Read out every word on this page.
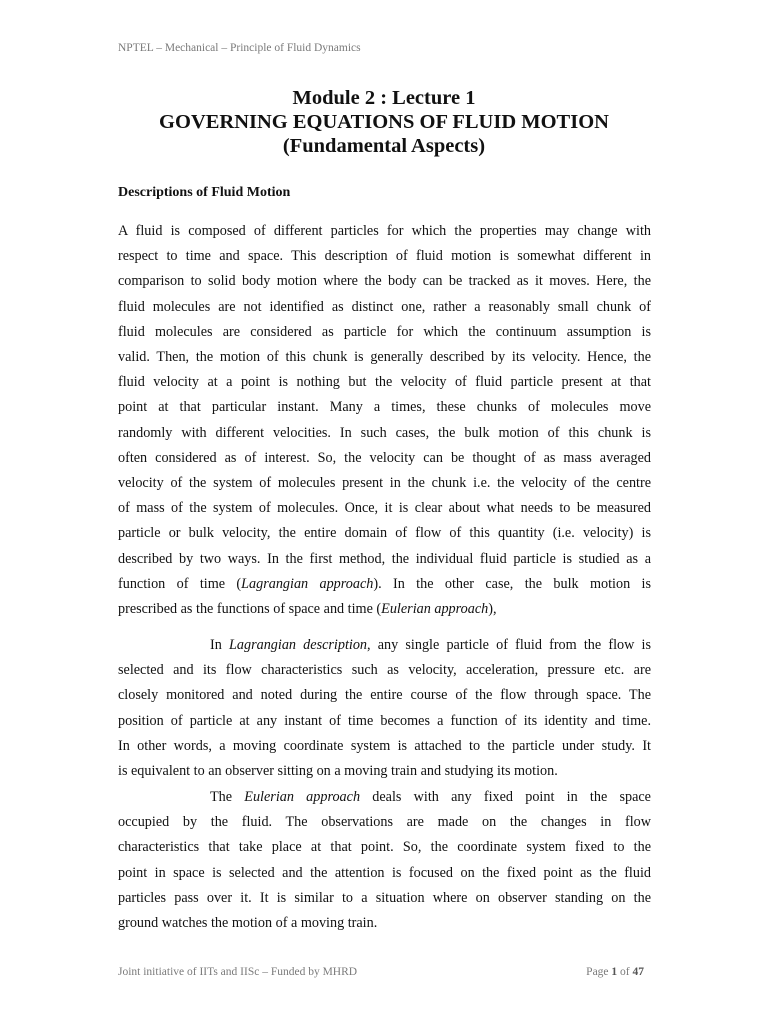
NPTEL – Mechanical – Principle of Fluid Dynamics
Module 2 : Lecture 1
GOVERNING EQUATIONS OF FLUID MOTION
(Fundamental Aspects)
Descriptions of Fluid Motion
A fluid is composed of different particles for which the properties may change with
respect to time and space. This description of fluid motion is somewhat different in
comparison to solid body motion where the body can be tracked as it moves. Here, the
fluid molecules are not identified as distinct one, rather a reasonably small chunk of
fluid molecules are considered as particle for which the continuum assumption is
valid. Then, the motion of this chunk is generally described by its velocity. Hence, the
fluid velocity at a point is nothing but the velocity of fluid particle present at that
point at that particular instant. Many a times, these chunks of molecules move
randomly with different velocities. In such cases, the bulk motion of this chunk is
often considered as of interest. So, the velocity can be thought of as mass averaged
velocity of the system of molecules present in the chunk i.e. the velocity of the centre
of mass of the system of molecules. Once, it is clear about what needs to be measured
particle or bulk velocity, the entire domain of flow of this quantity (i.e. velocity) is
described by two ways. In the first method, the individual fluid particle is studied as a
function of time (Lagrangian approach). In the other case, the bulk motion is
prescribed as the functions of space and time (Eulerian approach),
In Lagrangian description, any single particle of fluid from the flow is
selected and its flow characteristics such as velocity, acceleration, pressure etc. are
closely monitored and noted during the entire course of the flow through space. The
position of particle at any instant of time becomes a function of its identity and time.
In other words, a moving coordinate system is attached to the particle under study. It
is equivalent to an observer sitting on a moving train and studying its motion.
The Eulerian approach deals with any fixed point in the space
occupied by the fluid. The observations are made on the changes in flow
characteristics that take place at that point. So, the coordinate system fixed to the
point in space is selected and the attention is focused on the fixed point as the fluid
particles pass over it. It is similar to a situation where on observer standing on the
ground watches the motion of a moving train.
Joint initiative of IITs and IISc – Funded by MHRD	Page 1 of 47
